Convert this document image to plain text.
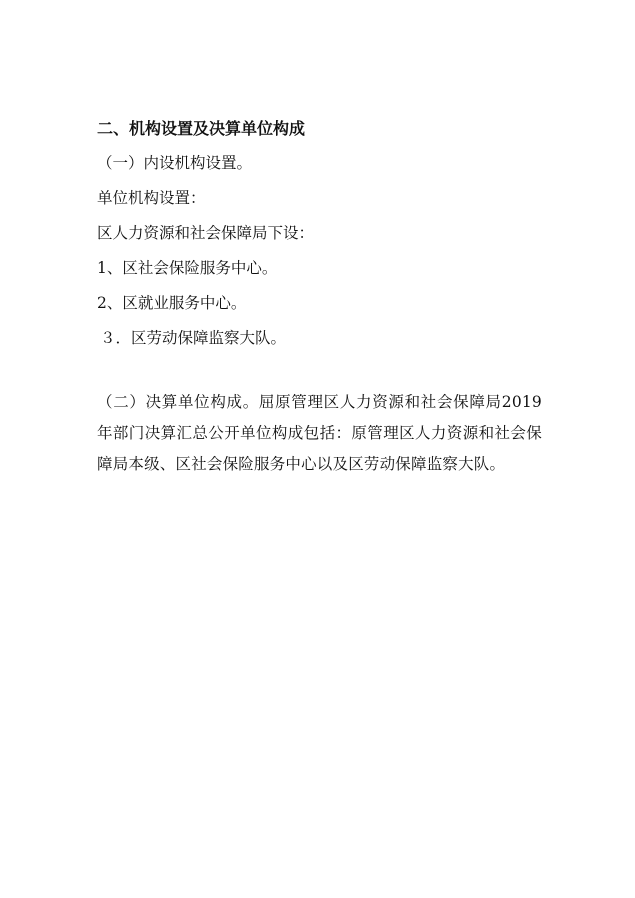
二、机构设置及决算单位构成
（一）内设机构设置。
单位机构设置：
区人力资源和社会保障局下设：
1、区社会保险服务中心。
2、区就业服务中心。
３．区劳动保障监察大队。

（二）决算单位构成。屈原管理区人力资源和社会保障局2019 年部门决算汇总公开单位构成包括：原管理区人力资源和社会保障局本级、区社会保险服务中心以及区劳动保障监察大队。
